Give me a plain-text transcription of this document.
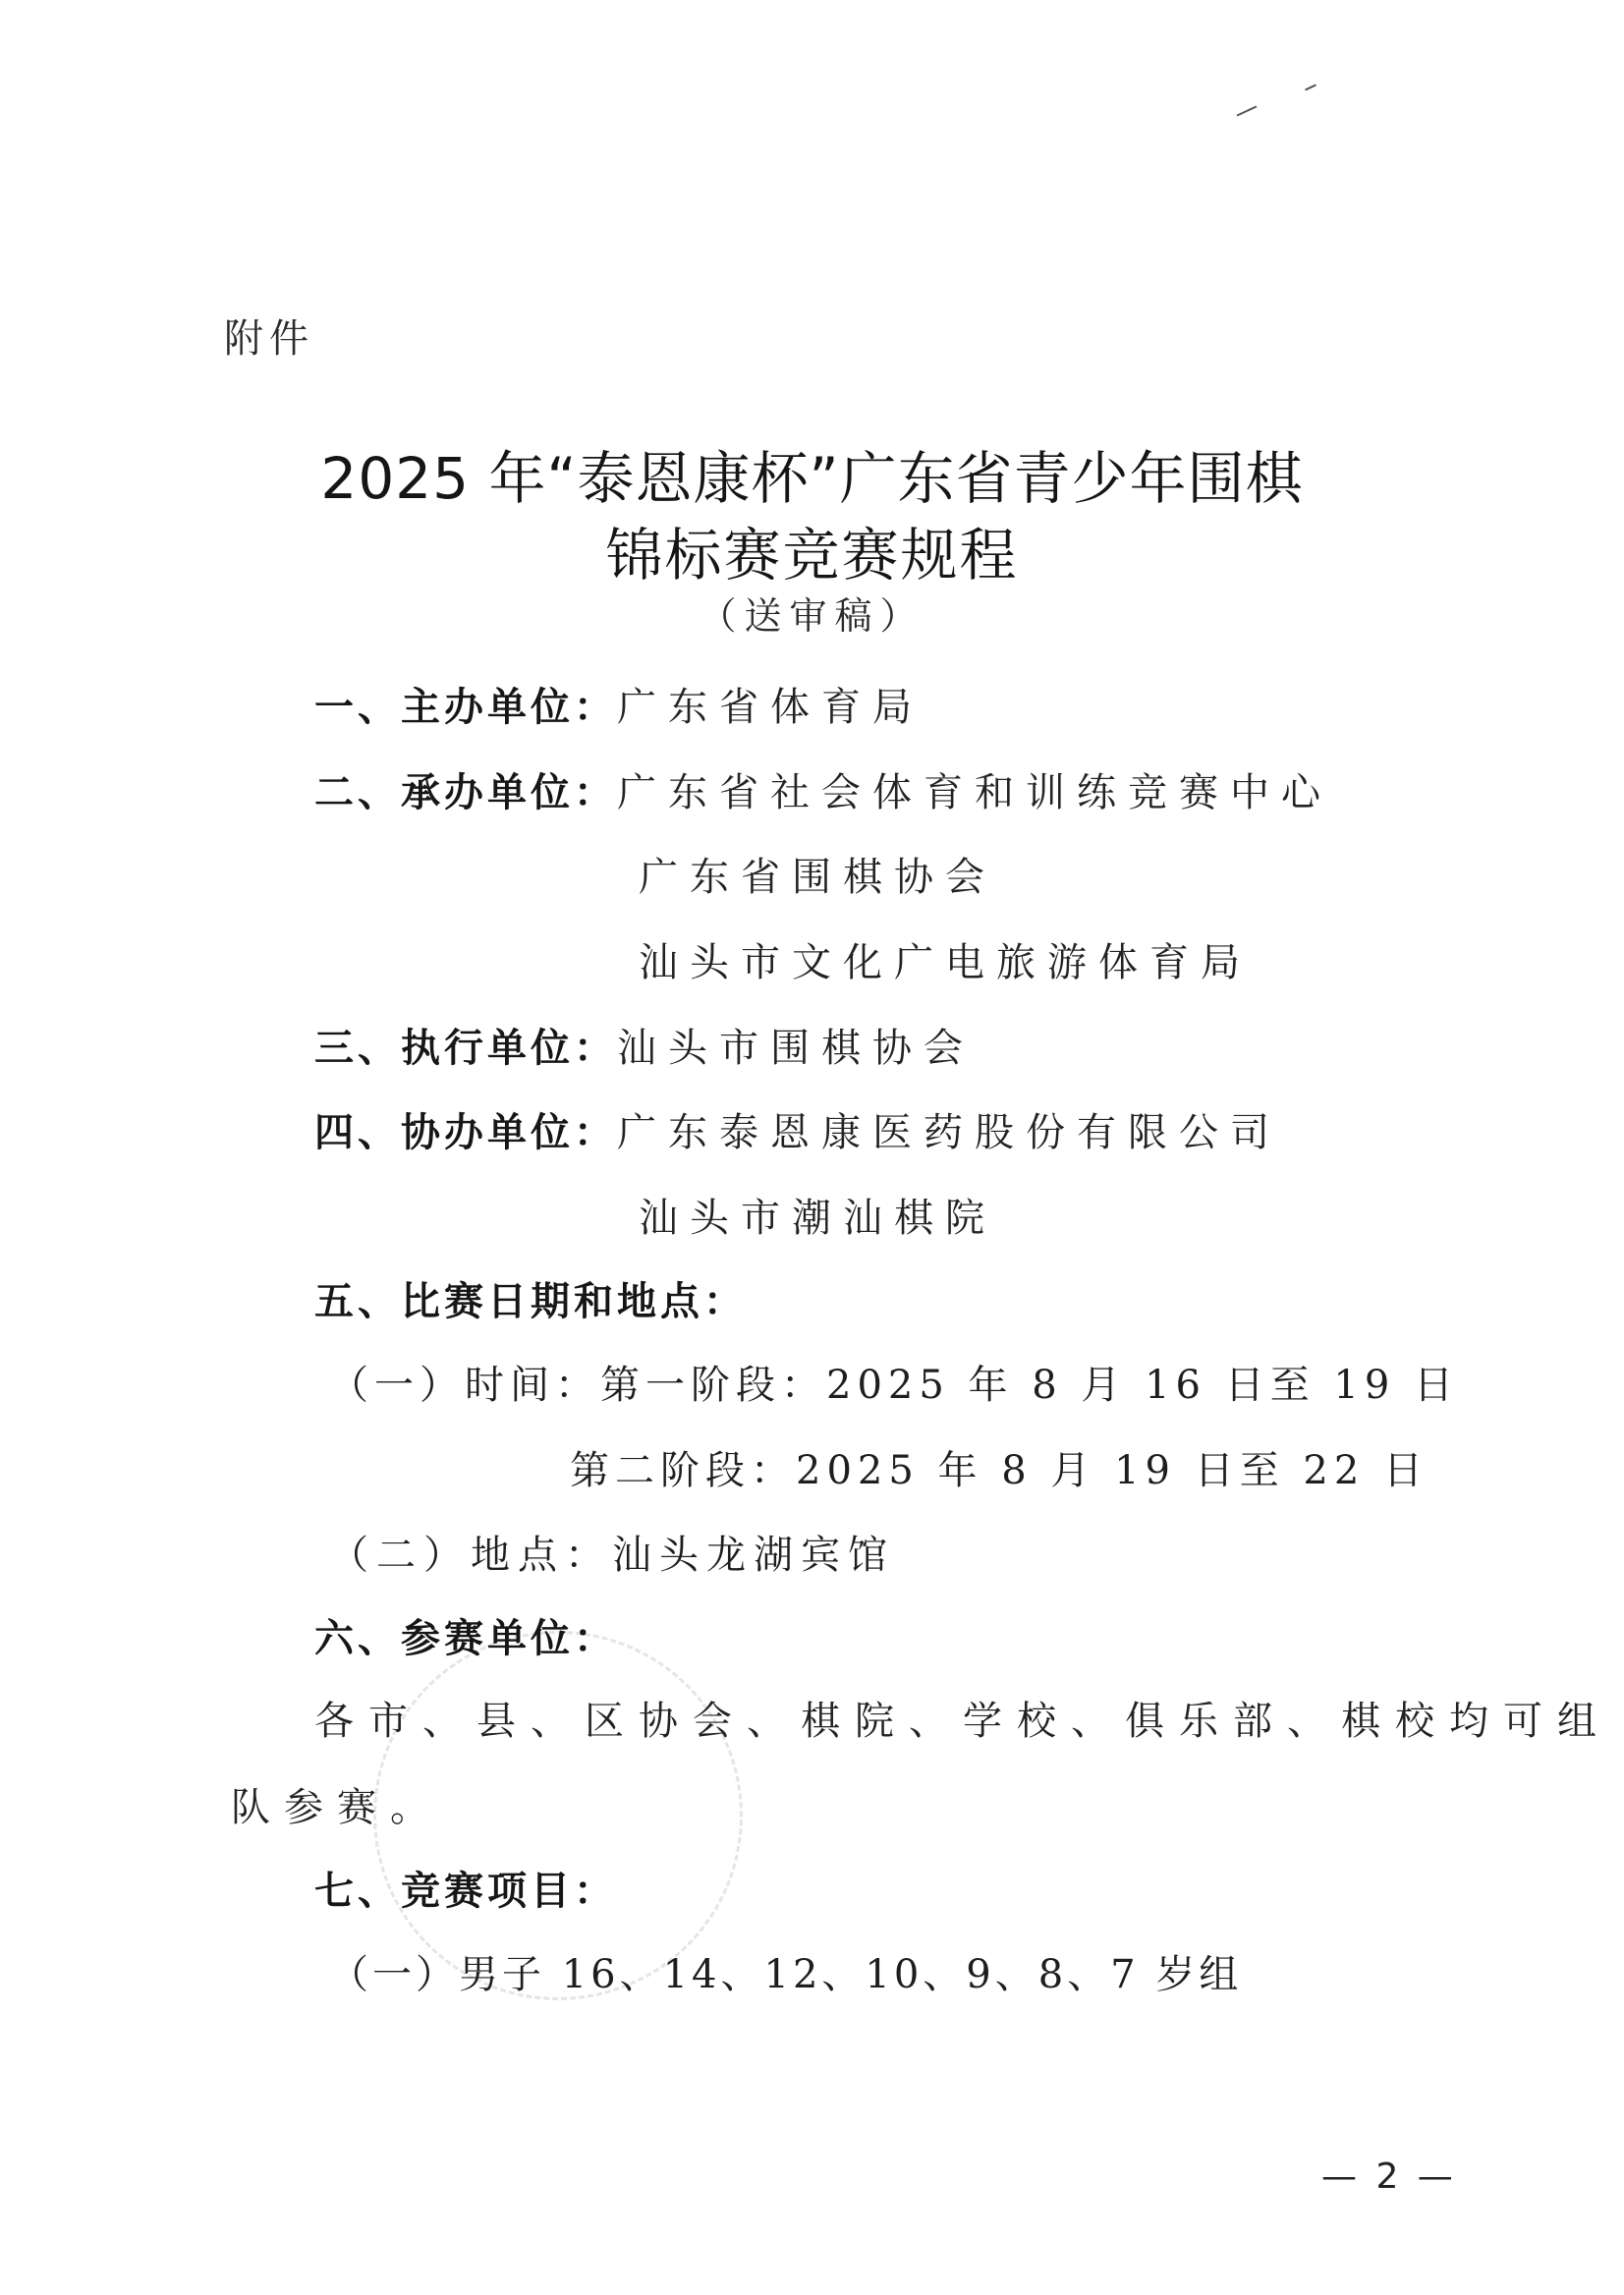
附件
2025 年“泰恩康杯”广东省青少年围棋
锦标赛竞赛规程
（送审稿）
一、主办单位：广东省体育局
二、承办单位：广东省社会体育和训练竞赛中心
广东省围棋协会
汕头市文化广电旅游体育局
三、执行单位：汕头市围棋协会
四、协办单位：广东泰恩康医药股份有限公司
汕头市潮汕棋院
五、比赛日期和地点：
（一）时间：第一阶段：2025 年 8 月 16 日至 19 日
第二阶段：2025 年 8 月 19 日至 22 日
（二）地点：汕头龙湖宾馆
六、参赛单位：
各市、县、区协会、棋院、学校、俱乐部、棋校均可组
队参赛。
七、竞赛项目：
（一）男子 16、14、12、10、9、8、7 岁组
— 2 —
